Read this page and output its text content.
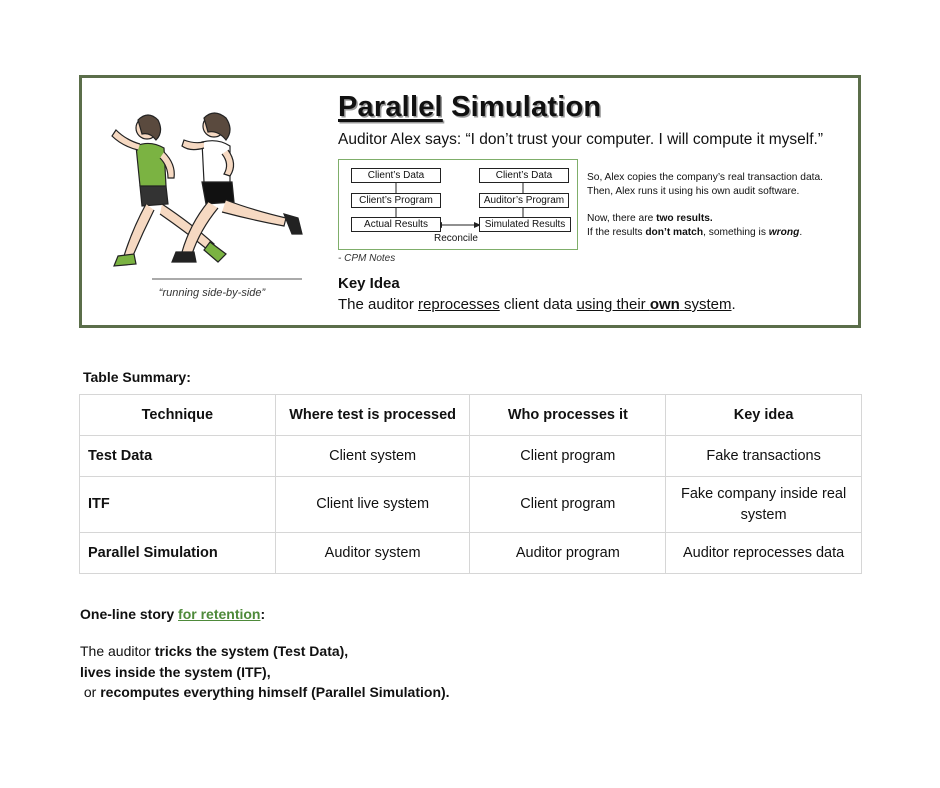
“running side-by-side”
Parallel Simulation
Auditor Alex says: “I don’t trust your computer. I will compute it myself.”
Client’s Data
Client’s Program
Actual Results
Client’s Data
Auditor’s Program
Simulated Results
Reconcile

So, Alex copies the company’s real transaction data.

Then, Alex runs it using his own audit software.

Now, there are two results.

If the results don’t match, something is wrong.

- CPM Notes
Key Idea
The auditor reprocesses client data using their own system.
Table Summary:
Technique	Where test is processed	Who processes it	Key idea
Test Data	Client system	Client program	Fake transactions
ITF	Client live system	Client program	Fake company inside real system
Parallel Simulation	Auditor system	Auditor program	Auditor reprocesses data
One-line story for retention:
The auditor tricks the system (Test Data),
lives inside the system (ITF),
or recomputes everything himself (Parallel Simulation).
